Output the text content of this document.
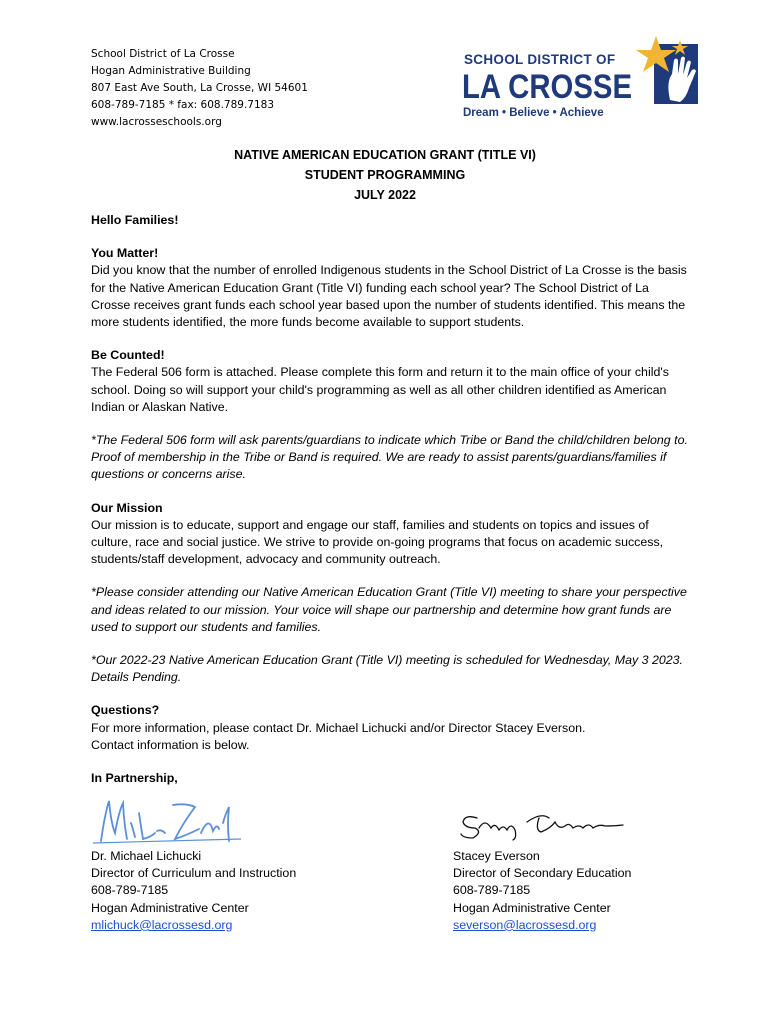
School District of La Crosse
Hogan Administrative Building
807 East Ave South, La Crosse, WI 54601
608-789-7185 * fax: 608.789.7183
www.lacrosseschools.org
SCHOOL DISTRICT OF
LA CROSSE
Dream • Believe • Achieve
NATIVE AMERICAN EDUCATION GRANT (TITLE VI)
STUDENT PROGRAMMING
JULY 2022

Hello Families!

You Matter!
Did you know that the number of enrolled Indigenous students in the School District of La Crosse is the basis for the Native American Education Grant (Title VI) funding each school year? The School District of La Crosse receives grant funds each school year based upon the number of students identified. This means the more students identified, the more funds become available to support students.

Be Counted!
The Federal 506 form is attached. Please complete this form and return it to the main office of your child's school. Doing so will support your child's programming as well as all other children identified as American Indian or Alaskan Native.

*The Federal 506 form will ask parents/guardians to indicate which Tribe or Band the child/children belong to. Proof of membership in the Tribe or Band is required. We are ready to assist parents/guardians/families if questions or concerns arise.

Our Mission
Our mission is to educate, support and engage our staff, families and students on topics and issues of culture, race and social justice. We strive to provide on-going programs that focus on academic success, students/staff development, advocacy and community outreach.

*Please consider attending our Native American Education Grant (Title VI) meeting to share your perspective and ideas related to our mission. Your voice will shape our partnership and determine how grant funds are used to support our students and families.

*Our 2022-23 Native American Education Grant (Title VI) meeting is scheduled for Wednesday, May 3 2023. Details Pending.

Questions?
For more information, please contact Dr. Michael Lichucki and/or Director Stacey Everson.
Contact information is below.

In Partnership,

Dr. Michael Lichucki
Director of Curriculum and Instruction
608-789-7185
Hogan Administrative Center
mlichuck@lacrossesd.org
Stacey Everson
Director of Secondary Education
608-789-7185
Hogan Administrative Center
severson@lacrossesd.org
